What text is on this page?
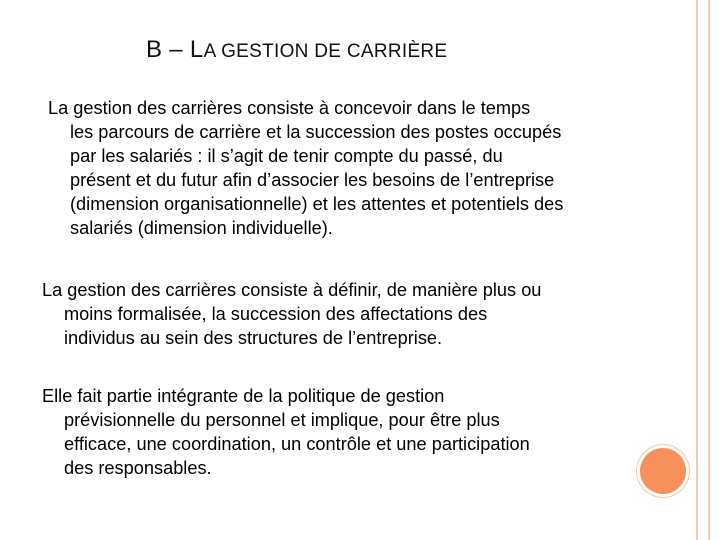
B – LA GESTION DE CARRIÈRE

La gestion des carrières consiste à concevoir dans le temps
les parcours de carrière et la succession des postes occupés
par les salariés : il s’agit de tenir compte du passé, du
présent et du futur afin d’associer les besoins de l’entreprise
(dimension organisationnelle) et les attentes et potentiels des
salariés (dimension individuelle).

La gestion des carrières consiste à définir, de manière plus ou
moins formalisée, la succession des affectations des
individus au sein des structures de l’entreprise.

Elle fait partie intégrante de la politique de gestion
prévisionnelle du personnel et implique, pour être plus
efficace, une coordination, un contrôle et une participation
des responsables.
